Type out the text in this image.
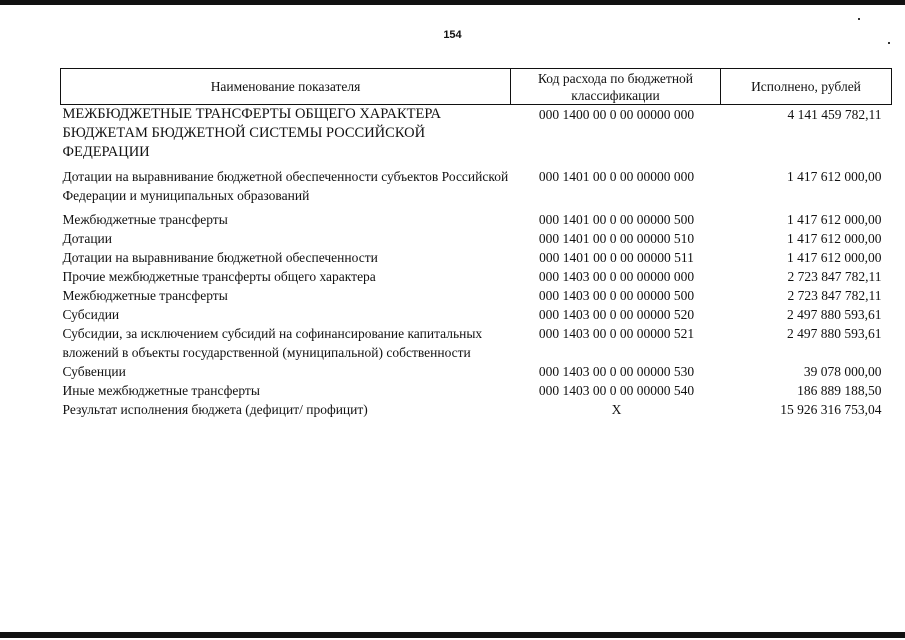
154
Наименование показателя	Код расхода по бюджетной классификации	Исполнено, рублей
МЕЖБЮДЖЕТНЫЕ ТРАНСФЕРТЫ ОБЩЕГО ХАРАКТЕРА БЮДЖЕТАМ БЮДЖЕТНОЙ СИСТЕМЫ РОССИЙСКОЙ ФЕДЕРАЦИИ	000 1400 00 0 00 00000 000	4 141 459 782,11
Дотации на выравнивание бюджетной обеспеченности субъектов Российской Федерации и муниципальных образований	000 1401 00 0 00 00000 000	1 417 612 000,00
Межбюджетные трансферты	000 1401 00 0 00 00000 500	1 417 612 000,00
Дотации	000 1401 00 0 00 00000 510	1 417 612 000,00
Дотации на выравнивание бюджетной обеспеченности	000 1401 00 0 00 00000 511	1 417 612 000,00
Прочие межбюджетные трансферты общего характера	000 1403 00 0 00 00000 000	2 723 847 782,11
Межбюджетные трансферты	000 1403 00 0 00 00000 500	2 723 847 782,11
Субсидии	000 1403 00 0 00 00000 520	2 497 880 593,61
Субсидии, за исключением субсидий на софинансирование капитальных вложений в объекты государственной (муниципальной) собственности	000 1403 00 0 00 00000 521	2 497 880 593,61
Субвенции	000 1403 00 0 00 00000 530	39 078 000,00
Иные межбюджетные трансферты	000 1403 00 0 00 00000 540	186 889 188,50
Результат исполнения бюджета (дефицит/ профицит)	X	15 926 316 753,04
